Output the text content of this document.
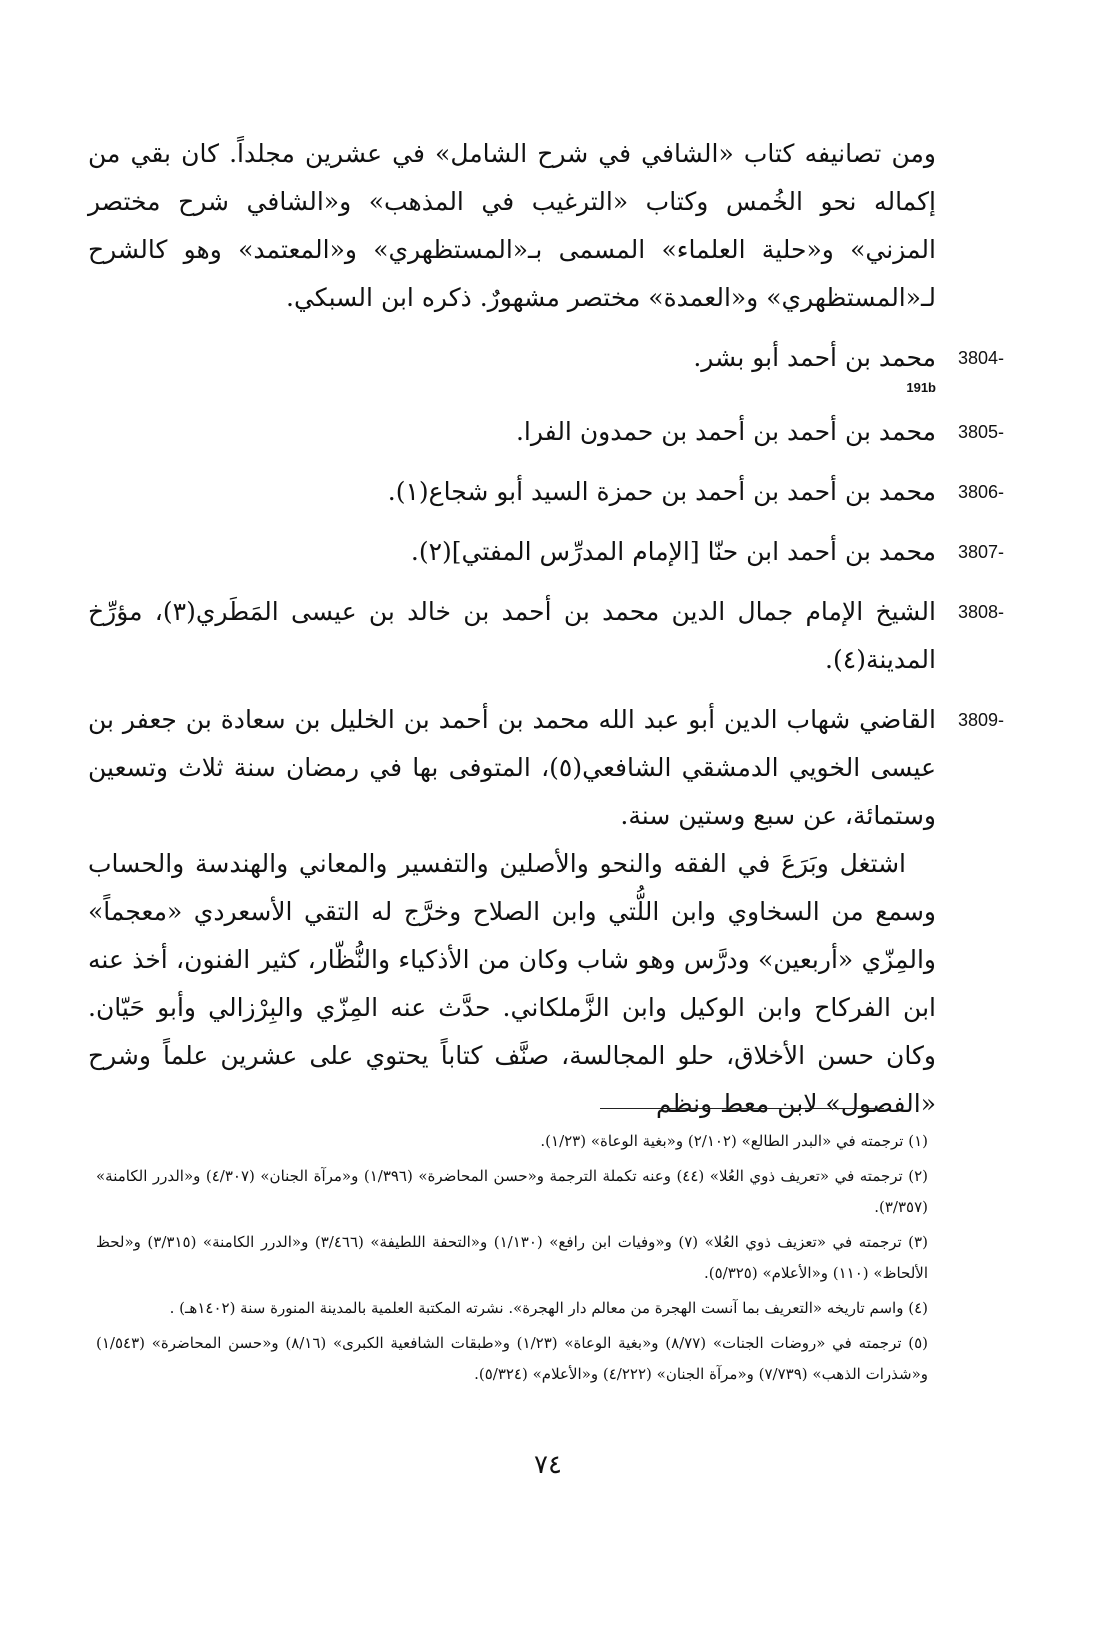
ومن تصانيفه كتاب «الشافي في شرح الشامل» في عشرين مجلداً. كان بقي من إكماله نحو الخُمس وكتاب «الترغيب في المذهب» و«الشافي شرح مختصر المزني» و«حلية العلماء» المسمى بـ«المستظهري» و«المعتمد» وهو كالشرح لـ«المستظهري» و«العمدة» مختصر مشهورٌ. ذكره ابن السبكي.

3804-
محمد بن أحمد أبو بشر.

191b

3805-
محمد بن أحمد بن أحمد بن حمدون الفرا.

3806-
محمد بن أحمد بن أحمد بن حمزة السيد أبو شجاع(١).

3807-
محمد بن أحمد ابن حنّا [الإمام المدرِّس المفتي](٢).

3808-
الشيخ الإمام جمال الدين محمد بن أحمد بن خالد بن عيسى المَطَري(٣)، مؤرِّخ المدينة(٤).

3809-
القاضي شهاب الدين أبو عبد الله محمد بن أحمد بن الخليل بن سعادة بن جعفر بن عيسى الخويي الدمشقي الشافعي(٥)، المتوفى بها في رمضان سنة ثلاث وتسعين وستمائة، عن سبع وستين سنة.

اشتغل وبَرَعَ في الفقه والنحو والأصلين والتفسير والمعاني والهندسة والحساب وسمع من السخاوي وابن اللُّتي وابن الصلاح وخرَّج له التقي الأسعردي «معجماً» والمِزّي «أربعين» ودرَّس وهو شاب وكان من الأذكياء والنُّظّار، كثير الفنون، أخذ عنه ابن الفركاح وابن الوكيل وابن الزَّملكاني. حدَّث عنه المِزّي والبِرْزالي وأبو حَيّان. وكان حسن الأخلاق، حلو المجالسة، صنَّف كتاباً يحتوي على عشرين علماً وشرح «الفصول» لابن معط ونظم

(١) ترجمته في «البدر الطالع» (٢/١٠٢) و«بغية الوعاة» (١/٢٣).

(٢) ترجمته في «تعريف ذوي العُلا» (٤٤) وعنه تكملة الترجمة و«حسن المحاضرة» (١/٣٩٦) و«مرآة الجنان» (٤/٣٠٧) و«الدرر الكامنة» (٣/٣٥٧).

(٣) ترجمته في «تعزيف ذوي العُلا» (٧) و«وفيات ابن رافع» (١/١٣٠) و«التحفة اللطيفة» (٣/٤٦٦) و«الدرر الكامنة» (٣/٣١٥) و«لحظ الألحاظ» (١١٠) و«الأعلام» (٥/٣٢٥).

(٤) واسم تاريخه «التعريف بما آنست الهجرة من معالم دار الهجرة». نشرته المكتبة العلمية بالمدينة المنورة سنة (١٤٠٢هـ) .

(٥) ترجمته في «روضات الجنات» (٨/٧٧) و«بغية الوعاة» (١/٢٣) و«طبقات الشافعية الكبرى» (٨/١٦) و«حسن المحاضرة» (١/٥٤٣) و«شذرات الذهب» (٧/٧٣٩) و«مرآة الجنان» (٤/٢٢٢) و«الأعلام» (٥/٣٢٤).

٧٤
